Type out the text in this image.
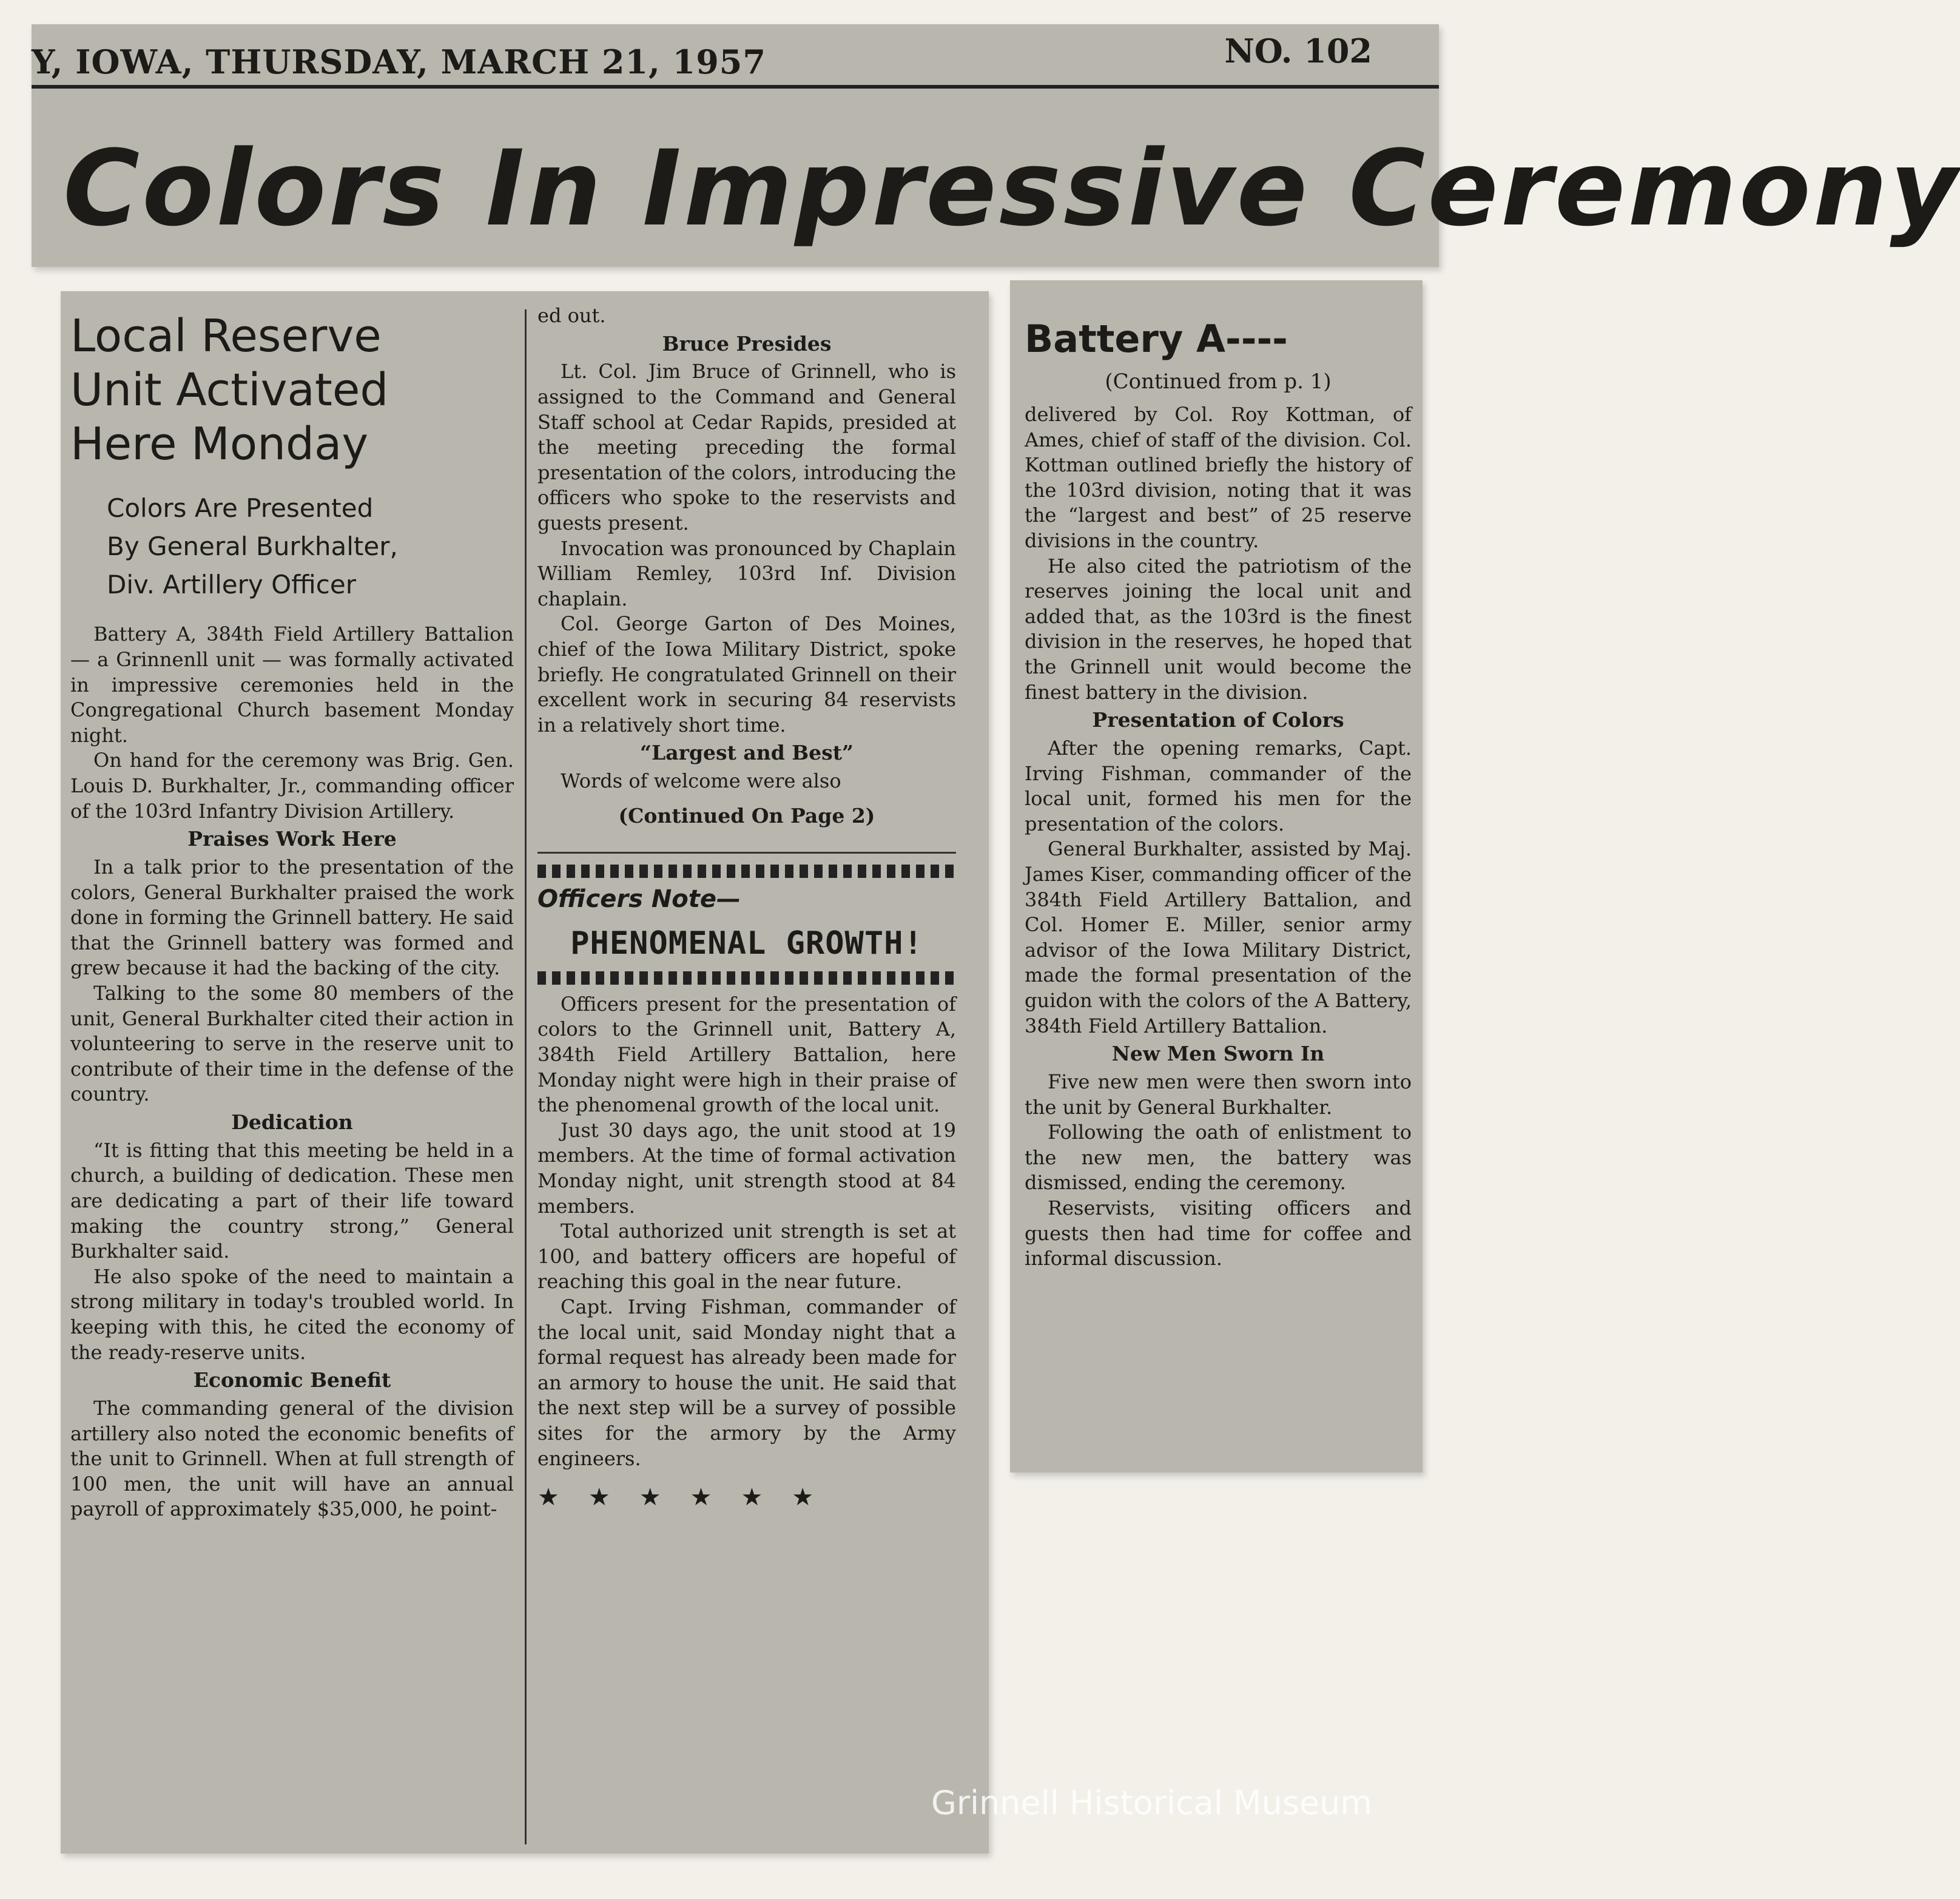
Y, IOWA, THURSDAY, MARCH 21, 1957	NO. 102
Colors In Impressive Ceremony
Local Reserve
Unit Activated
Here Monday
Colors Are Presented
By General Burkhalter,
Div. Artillery Officer

Battery A, 384th Field Artillery Battalion — a Grinnenll unit — was formally activated in impressive ceremonies held in the Congregational Church basement Monday night.

On hand for the ceremony was Brig. Gen. Louis D. Burkhalter, Jr., commanding officer of the 103rd Infantry Division Artillery.

Praises Work Here

In a talk prior to the presentation of the colors, General Burkhalter praised the work done in forming the Grinnell battery. He said that the Grinnell battery was formed and grew because it had the backing of the city.

Talking to the some 80 members of the unit, General Burkhalter cited their action in volunteering to serve in the reserve unit to contribute of their time in the defense of the country.

Dedication

“It is fitting that this meeting be held in a church, a building of dedication. These men are dedicating a part of their life toward making the country strong,” General Burkhalter said.

He also spoke of the need to maintain a strong military in today's troubled world. In keeping with this, he cited the economy of the ready-reserve units.

Economic Benefit

The commanding general of the division artillery also noted the economic benefits of the unit to Grinnell. When at full strength of 100 men, the unit will have an annual payroll of approximately $35,000, he point-

ed out.

Bruce Presides

Lt. Col. Jim Bruce of Grinnell, who is assigned to the Command and General Staff school at Cedar Rapids, presided at the meeting preceding the formal presentation of the colors, introducing the officers who spoke to the reservists and guests present.

Invocation was pronounced by Chaplain William Remley, 103rd Inf. Division chaplain.

Col. George Garton of Des Moines, chief of the Iowa Military District, spoke briefly. He congratulated Grinnell on their excellent work in securing 84 reservists in a relatively short time.

“Largest and Best”

Words of welcome were also

(Continued On Page 2)
Officers Note—
PHENOMENAL GROWTH!

Officers present for the presentation of colors to the Grinnell unit, Battery A, 384th Field Artillery Battalion, here Monday night were high in their praise of the phenomenal growth of the local unit.

Just 30 days ago, the unit stood at 19 members. At the time of formal activation Monday night, unit strength stood at 84 members.

Total authorized unit strength is set at 100, and battery officers are hopeful of reaching this goal in the near future.

Capt. Irving Fishman, commander of the local unit, said Monday night that a formal request has already been made for an armory to house the unit. He said that the next step will be a survey of possible sites for the armory by the Army engineers.

★★★★★★
Battery A----
(Continued from p. 1)

delivered by Col. Roy Kottman, of Ames, chief of staff of the division. Col. Kottman outlined briefly the history of the 103rd division, noting that it was the “largest and best” of 25 reserve divisions in the country.

He also cited the patriotism of the reserves joining the local unit and added that, as the 103rd is the finest division in the reserves, he hoped that the Grinnell unit would become the finest battery in the division.

Presentation of Colors

After the opening remarks, Capt. Irving Fishman, commander of the local unit, formed his men for the presentation of the colors.

General Burkhalter, assisted by Maj. James Kiser, commanding officer of the 384th Field Artillery Battalion, and Col. Homer E. Miller, senior army advisor of the Iowa Military District, made the formal presentation of the guidon with the colors of the A Battery, 384th Field Artillery Battalion.

New Men Sworn In

Five new men were then sworn into the unit by General Burkhalter.

Following the oath of enlistment to the new men, the battery was dismissed, ending the ceremony.

Reservists, visiting officers and guests then had time for coffee and informal discussion.

Grinnell Historical Museum
